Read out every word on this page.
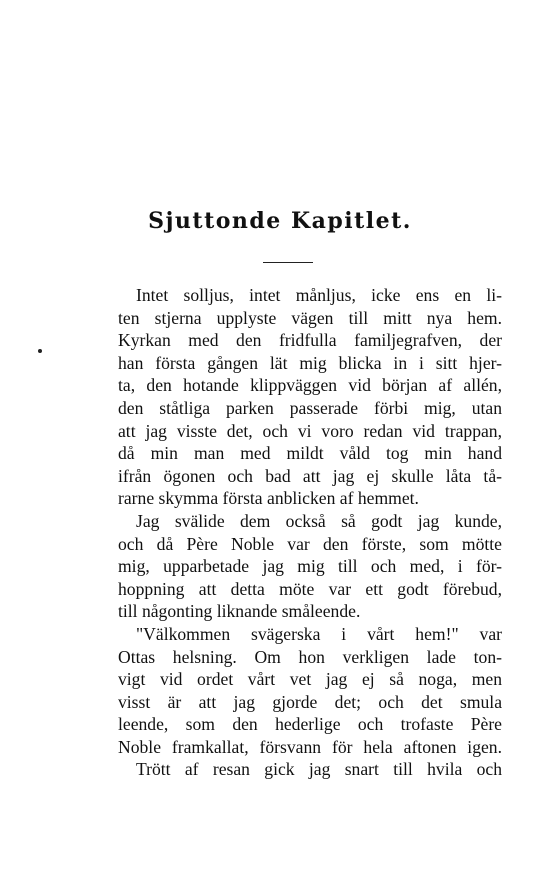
Sjuttonde Kapitlet.
Intet solljus, intet månljus, icke ens en li-
ten stjerna upplyste vägen till mitt nya hem.
Kyrkan med den fridfulla familjegrafven, der
han första gången lät mig blicka in i sitt hjer-
ta, den hotande klippväggen vid början af allén,
den ståtliga parken passerade förbi mig, utan
att jag visste det, och vi voro redan vid trappan,
då min man med mildt våld tog min hand
ifrån ögonen och bad att jag ej skulle låta tå-
rarne skymma första anblicken af hemmet.
Jag svälide dem också så godt jag kunde,
och då Père Noble var den förste, som mötte
mig, upparbetade jag mig till och med, i för-
hoppning att detta möte var ett godt förebud,
till någonting liknande småleende.
"Välkommen svägerska i vårt hem!" var
Ottas helsning. Om hon verkligen lade ton-
vigt vid ordet vårt vet jag ej så noga, men
visst är att jag gjorde det; och det smula
leende, som den hederlige och trofaste Père
Noble framkallat, försvann för hela aftonen igen.
Trött af resan gick jag snart till hvila och
